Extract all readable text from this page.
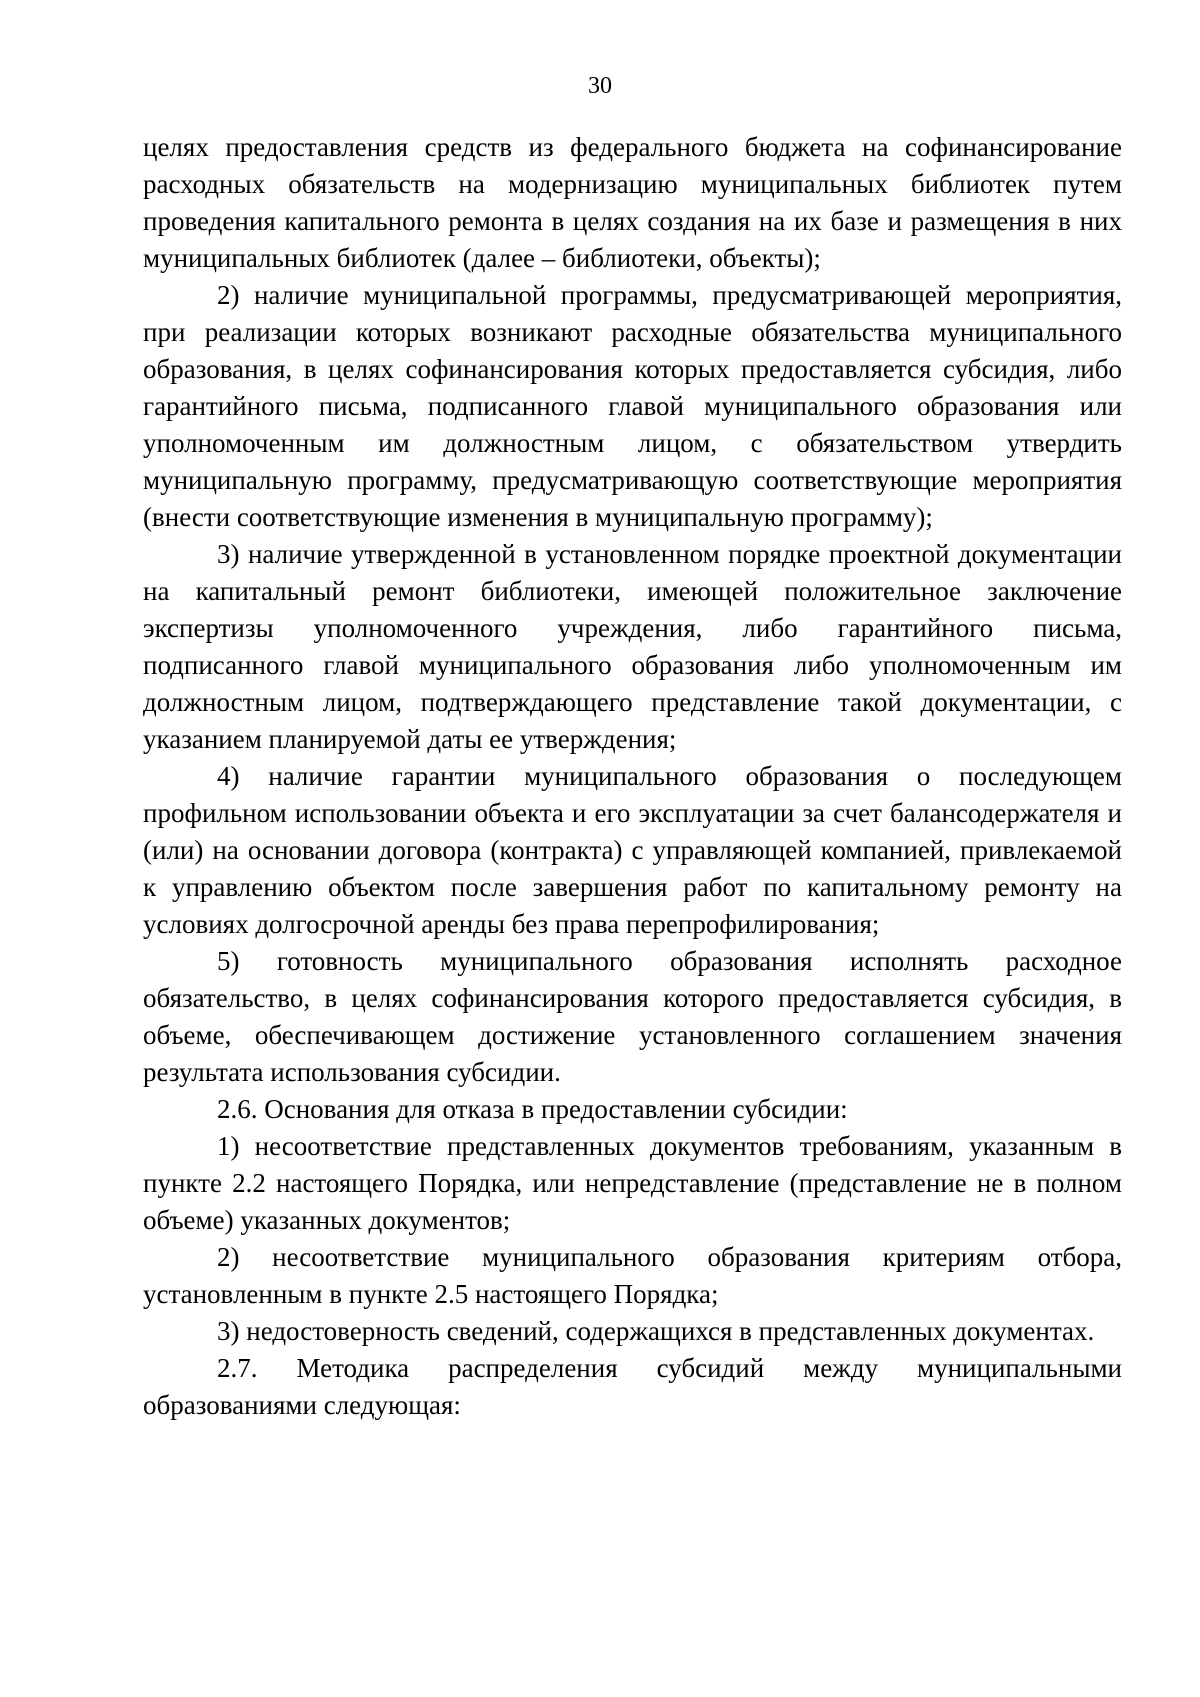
30

целях предоставления средств из федерального бюджета на софинансирование расходных обязательств на модернизацию муниципальных библиотек путем проведения капитального ремонта в целях создания на их базе и размещения в них муниципальных библиотек (далее – библиотеки, объекты);

2) наличие муниципальной программы, предусматривающей мероприятия, при реализации которых возникают расходные обязательства муниципального образования, в целях софинансирования которых предоставляется субсидия, либо гарантийного письма, подписанного главой муниципального образования или уполномоченным им должностным лицом, с обязательством утвердить муниципальную программу, предусматривающую соответствующие мероприятия (внести соответствующие изменения в муниципальную программу);

3) наличие утвержденной в установленном порядке проектной документации на капитальный ремонт библиотеки, имеющей положительное заключение экспертизы уполномоченного учреждения, либо гарантийного письма, подписанного главой муниципального образования либо уполномоченным им должностным лицом, подтверждающего представление такой документации, с указанием планируемой даты ее утверждения;

4) наличие гарантии муниципального образования о последующем профильном использовании объекта и его эксплуатации за счет балансодержателя и (или) на основании договора (контракта) с управляющей компанией, привлекаемой к управлению объектом после завершения работ по капитальному ремонту на условиях долгосрочной аренды без права перепрофилирования;

5) готовность муниципального образования исполнять расходное обязательство, в целях софинансирования которого предоставляется субсидия, в объеме, обеспечивающем достижение установленного соглашением значения результата использования субсидии.

2.6. Основания для отказа в предоставлении субсидии:

1) несоответствие представленных документов требованиям, указанным в пункте 2.2 настоящего Порядка, или непредставление (представление не в полном объеме) указанных документов;

2) несоответствие муниципального образования критериям отбора, установленным в пункте 2.5 настоящего Порядка;

3) недостоверность сведений, содержащихся в представленных документах.

2.7. Методика распределения субсидий между муниципальными образованиями следующая:
